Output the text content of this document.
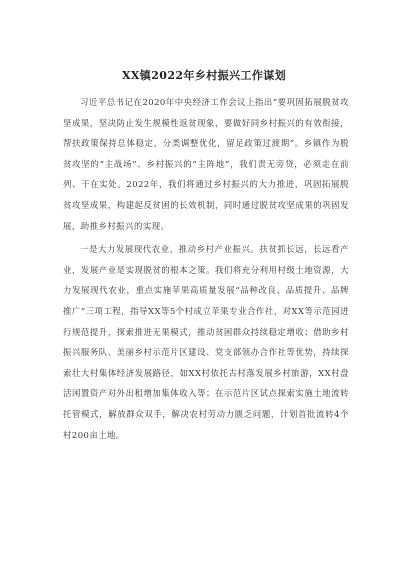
XX镇2022年乡村振兴工作谋划

习近平总书记在2020年中央经济工作会议上指出“要巩固拓展脱贫攻坚成果，坚决防止发生规模性返贫现象，要做好同乡村振兴的有效衔接，帮扶政策保持总体稳定，分类调整优化，留足政策过渡期”。乡镇作为脱贫攻坚的“主战场”、乡村振兴的“主阵地”，我们责无旁贷，必须走在前列、干在实处。2022年，我们将通过乡村振兴的大力推进，巩固拓展脱贫攻坚成果，构建起反贫困的长效机制，同时通过脱贫攻坚成果的巩固发展，助推乡村振兴的实现。

一是大力发展现代农业，推动乡村产业振兴。扶贫抓长远，长远看产业，发展产业是实现脱贫的根本之策。我们将充分利用村级土地资源，大力发展现代农业，重点实施苹果高质量发展“品种改良、品质提升、品牌推广”三项工程，指导XX等5个村成立苹果专业合作社，对XX等示范园进行规范提升，探索推进无果模式，推动贫困群众持续稳定增收；借助乡村振兴服务队、美丽乡村示范片区建设、党支部领办合作社等优势，持续探索壮大村集体经济发展路径，如XX村依托古村落发展乡村旅游，XX村盘活闲置资产对外出租增加集体收入等；在示范片区试点探索实施土地流转托管模式，解放群众双手，解决农村劳动力匮乏问题，计划首批流转4个村200亩土地。
